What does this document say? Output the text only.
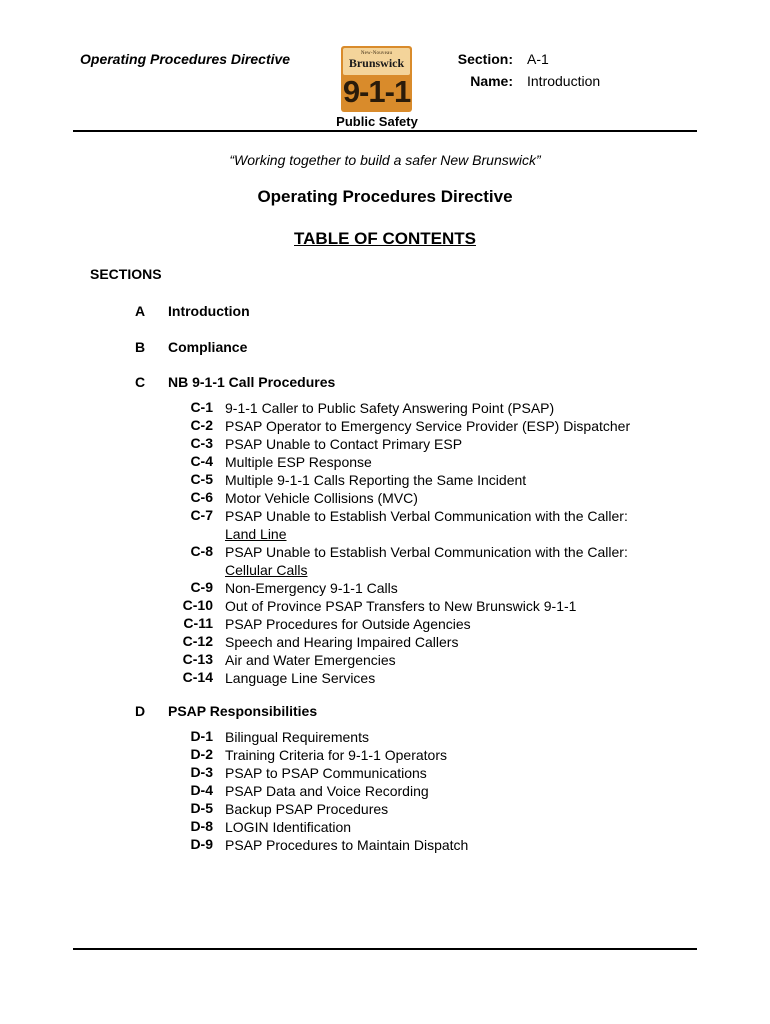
Operating Procedures Directive	New-Nouveau
Brunswick
9-1-1
Public Safety
Section: A-1
Name: Introduction
“Working together to build a safer New Brunswick”
Operating Procedures Directive
TABLE OF CONTENTS
SECTIONS
A Introduction
B Compliance
C NB 9-1-1 Call Procedures
C-1 9-1-1 Caller to Public Safety Answering Point (PSAP)
C-2 PSAP Operator to Emergency Service Provider (ESP) Dispatcher
C-3 PSAP Unable to Contact Primary ESP
C-4 Multiple ESP Response
C-5 Multiple 9-1-1 Calls Reporting the Same Incident
C-6 Motor Vehicle Collisions (MVC)
C-7 PSAP Unable to Establish Verbal Communication with the Caller:
Land Line
C-8 PSAP Unable to Establish Verbal Communication with the Caller:
Cellular Calls
C-9 Non-Emergency 9-1-1 Calls
C-10 Out of Province PSAP Transfers to New Brunswick 9-1-1
C-11 PSAP Procedures for Outside Agencies
C-12 Speech and Hearing Impaired Callers
C-13 Air and Water Emergencies
C-14 Language Line Services
D PSAP Responsibilities
D-1 Bilingual Requirements
D-2 Training Criteria for 9-1-1 Operators
D-3 PSAP to PSAP Communications
D-4 PSAP Data and Voice Recording
D-5 Backup PSAP Procedures
D-8 LOGIN Identification
D-9 PSAP Procedures to Maintain Dispatch
